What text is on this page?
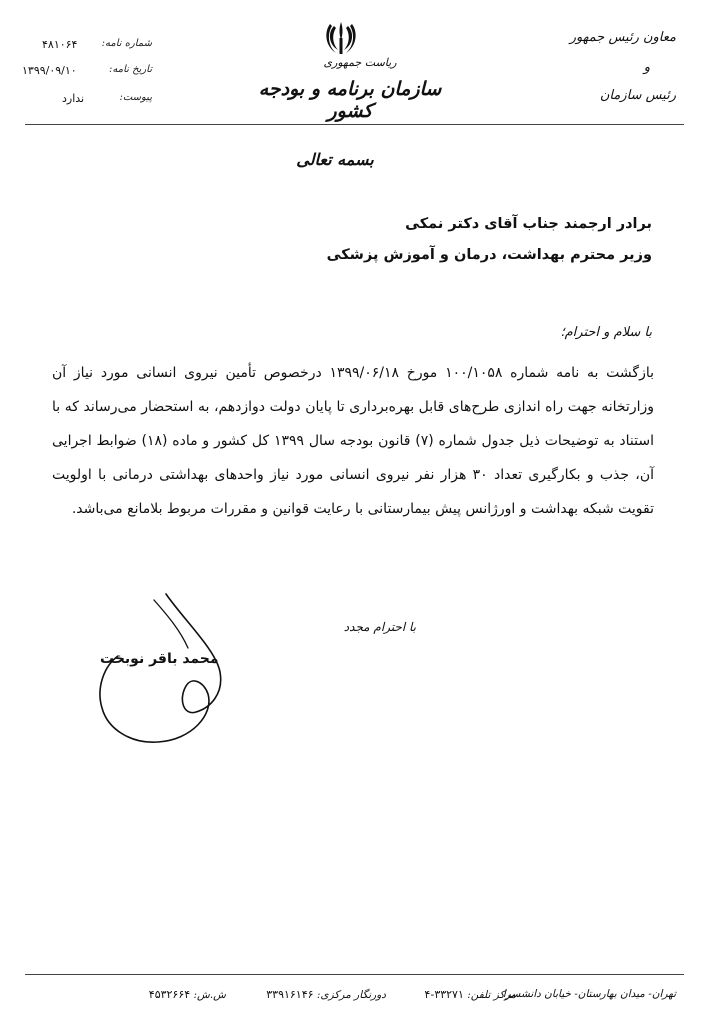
شماره نامه:
۴۸۱۰۶۴
تاریخ نامه:
۱۳۹۹/۰۹/۱۰
پیوست:
ندارد
ریاست جمهوری
سازمان برنامه و بودجه کشور
معاون رئیس جمهور
و
رئیس سازمان
بسمه تعالی
برادر ارجمند جناب آقای دکتر نمکی
وزیر محترم بهداشت، درمان و آموزش پزشکی
با سلام و احترام؛
بازگشت به نامه شماره ۱۰۰/۱۰۵۸ مورخ ۱۳۹۹/۰۶/۱۸ درخصوص تأمین نیروی انسانی مورد نیاز آن
وزارتخانه جهت راه اندازی طرح‌های قابل بهره‌برداری تا پایان دولت دوازدهم، به استحضار می‌رساند که با
استناد به توضیحات ذیل جدول شماره (۷) قانون بودجه سال ۱۳۹۹ کل کشور و ماده (۱۸) ضوابط اجرایی
آن، جذب و بکارگیری تعداد ۳۰ هزار نفر نیروی انسانی مورد نیاز واحدهای بهداشتی درمانی با اولویت
تقویت شبکه بهداشت و اورژانس پیش بیمارستانی با رعایت قوانین و مقررات مربوط بلامانع می‌باشد.
با احترام مجدد
محمد باقر نوبخت
تهران- میدان بهارستان- خیابان دانشسرا
مرکز تلفن: ۳۳۲۷۱-۴
دورنگار مرکزی: ۳۳۹۱۶۱۴۶
ش.ش: ۴۵۳۲۶۶۴
